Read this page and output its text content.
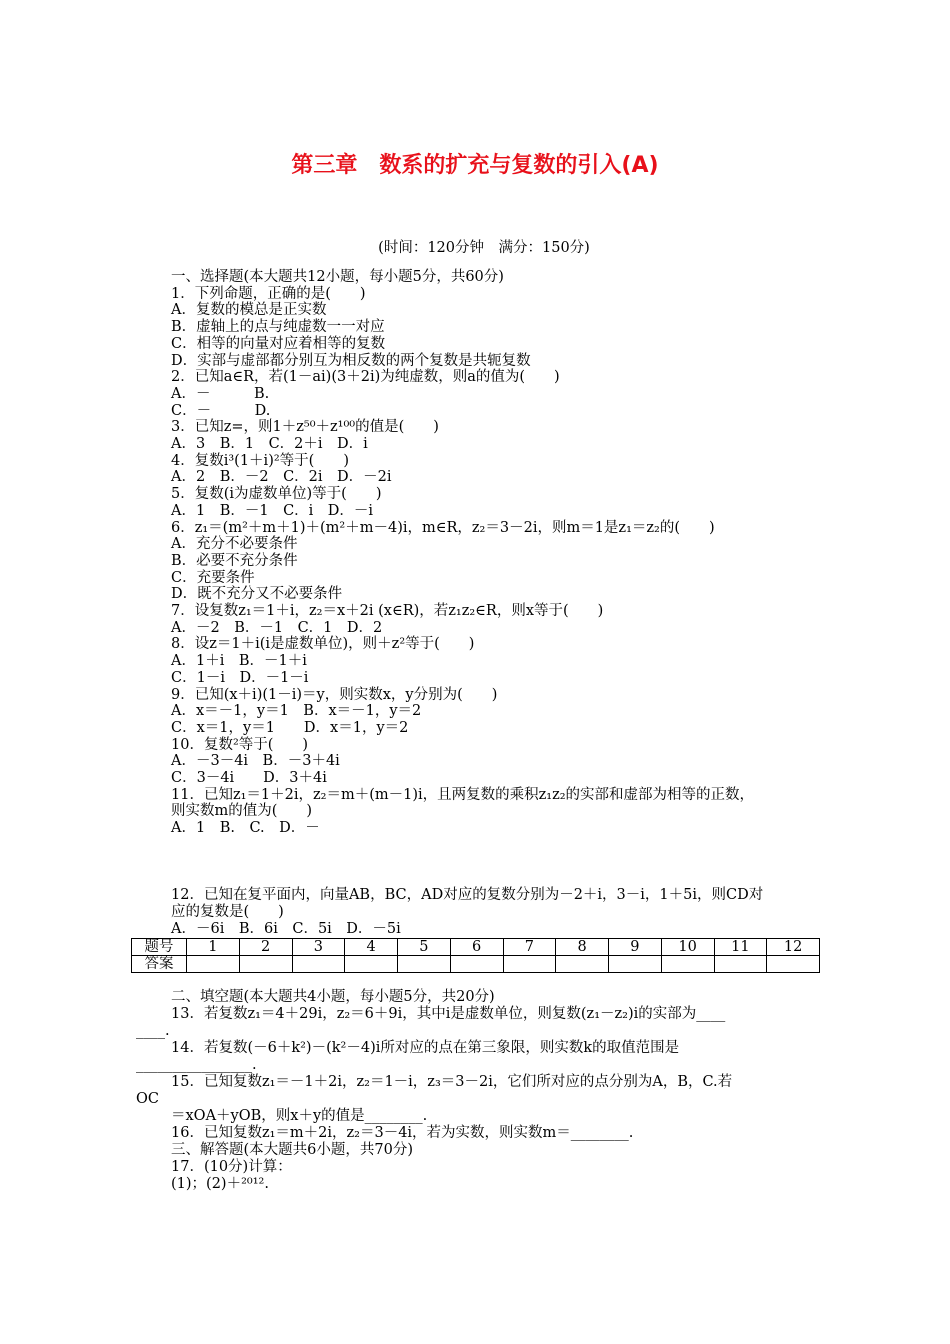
第三章　数系的扩充与复数的引入(A)
(时间：120分钟　满分：150分)
一、选择题(本大题共12小题，每小题5分，共60分)
1．下列命题，正确的是(　　)
A．复数的模总是正实数
B．虚轴上的点与纯虚数一一对应
C．相等的向量对应着相等的复数
D．实部与虚部都分别互为相反数的两个复数是共轭复数
2．已知a∈R，若(1－ai)(3＋2i)为纯虚数，则a的值为(　　)
A．－　　　B.
C．－　　　D.
3．已知z=，则1＋z⁵⁰＋z¹⁰⁰的值是(　　)
A．3　B．1　C．2＋i　D．i
4．复数i³(1＋i)²等于(　　)
A．2　B．－2　C．2i　D．－2i
5．复数(i为虚数单位)等于(　　)
A．1　B．－1　C．i　D．－i
6．z₁＝(m²＋m＋1)＋(m²＋m－4)i，m∈R，z₂＝3－2i，则m＝1是z₁＝z₂的(　　)
A．充分不必要条件
B．必要不充分条件
C．充要条件
D．既不充分又不必要条件
7．设复数z₁＝1＋i，z₂＝x＋2i (x∈R)，若z₁z₂∈R，则x等于(　　)
A．－2　B．－1　C．1　D．2
8．设z＝1＋i(i是虚数单位)，则＋z²等于(　　)
A．1＋i　B．－1＋i
C．1－i　D．－1－i
9．已知(x＋i)(1－i)＝y，则实数x，y分别为(　　)
A．x＝－1，y＝1　B．x＝－1，y＝2
C．x＝1，y＝1　　D．x＝1，y＝2
10．复数²等于(　　)
A．－3－4i　B．－3＋4i
C．3－4i　　D．3＋4i
11．已知z₁＝1＋2i，z₂＝m＋(m－1)i，且两复数的乘积z₁z₂的实部和虚部为相等的正数，
则实数m的值为(　　)
A．1　B.　C.　D．－
12．已知在复平面内，向量AB，BC，AD对应的复数分别为－2＋i，3－i，1＋5i，则CD对
应的复数是(　　)
A．－6i　B．6i　C．5i　D．－5i
题号	1	2	3	4	5	6	7	8	9	10	11	12
答案												
二、填空题(本大题共4小题，每小题5分，共20分)
13．若复数z₁＝4＋29i，z₂＝6＋9i，其中i是虚数单位，则复数(z₁－z₂)i的实部为____
____.
14．若复数(－6＋k²)－(k²－4)i所对应的点在第三象限，则实数k的取值范围是
________________.
15．已知复数z₁＝－1＋2i，z₂＝1－i，z₃＝3－2i，它们所对应的点分别为A，B，C.若
OC
＝xOA＋yOB，则x＋y的值是________.
16．已知复数z₁＝m＋2i，z₂＝3－4i，若为实数，则实数m＝________.
三、解答题(本大题共6小题，共70分)
17．(10分)计算：
(1)；(2)＋²⁰¹².
